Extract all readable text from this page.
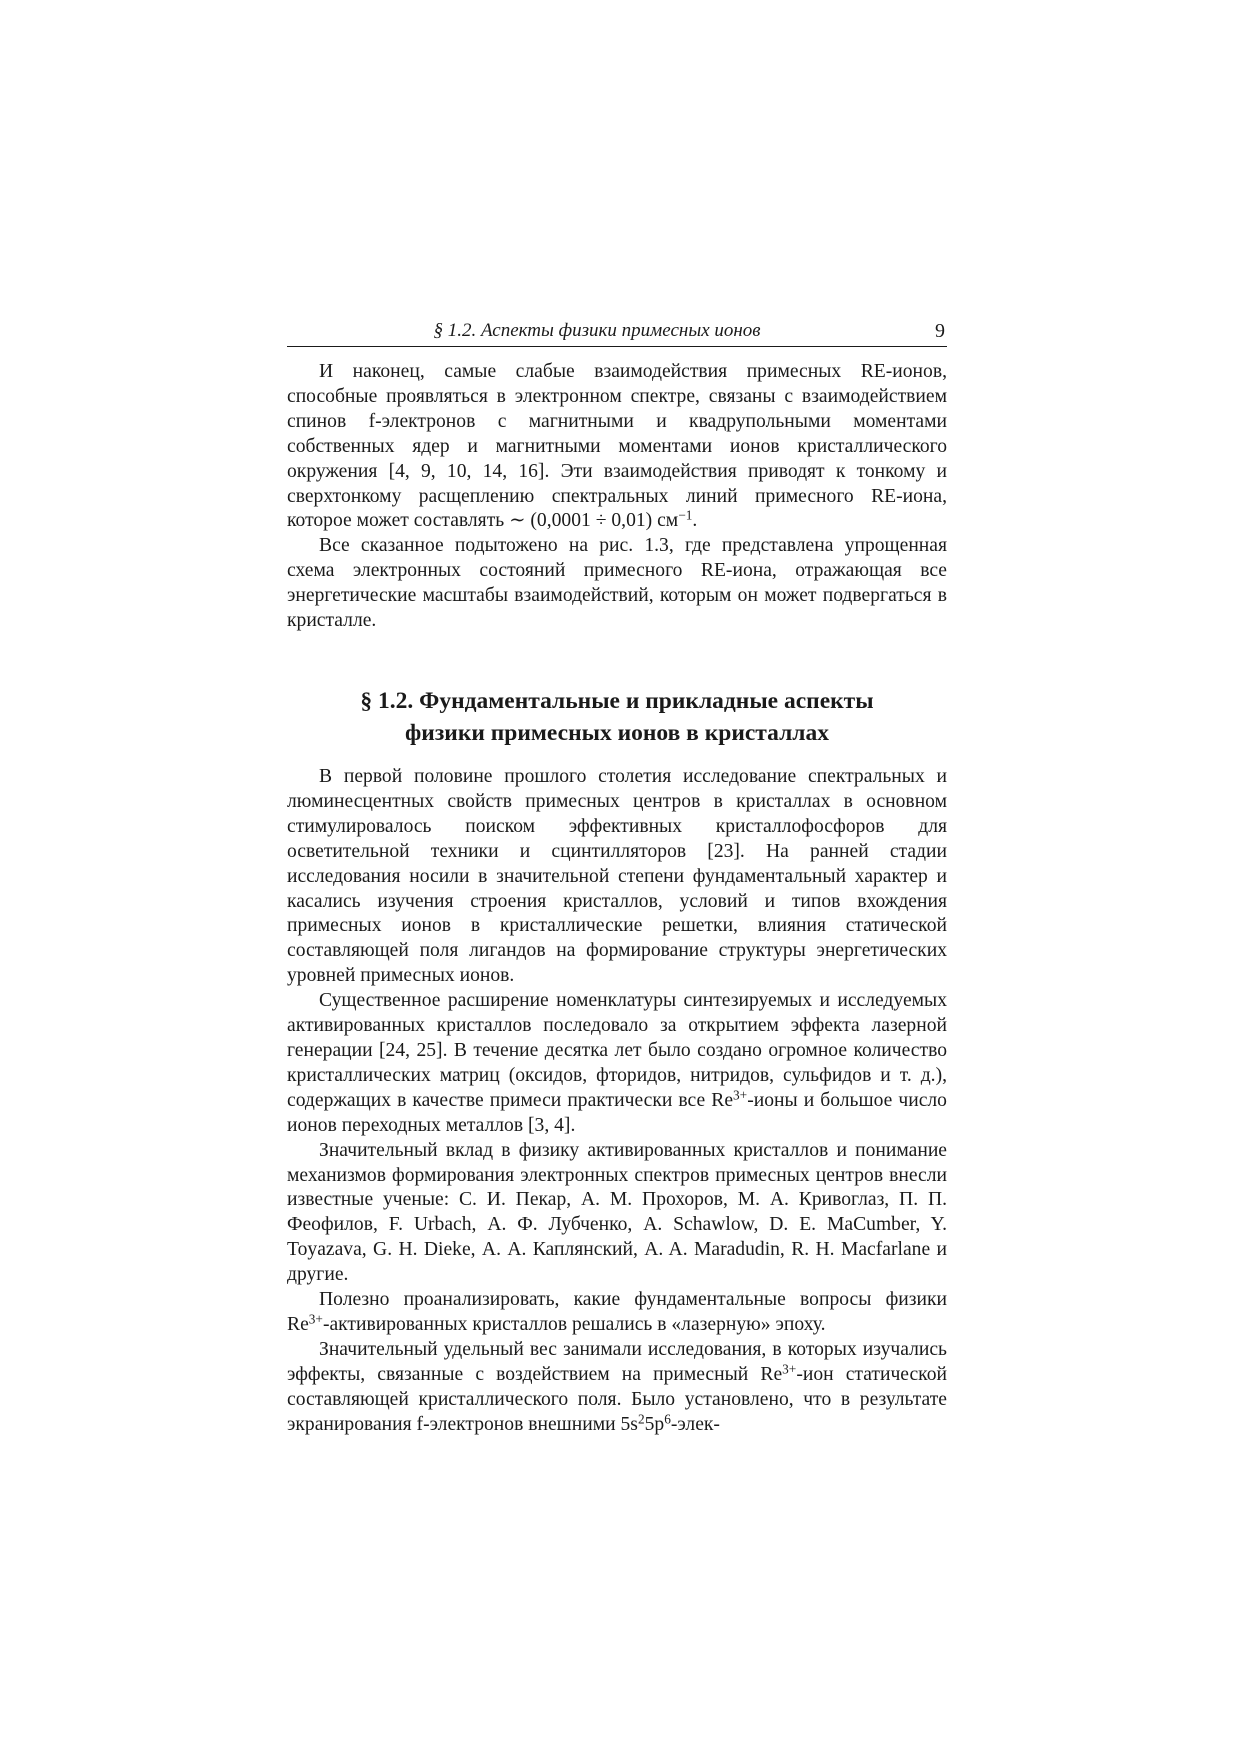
§ 1.2. Аспекты физики примесных ионов	9

И наконец, самые слабые взаимодействия примесных RE-ионов, способные проявляться в электронном спектре, связаны с взаимодействием спинов f-электронов с магнитными и квадрупольными моментами собственных ядер и магнитными моментами ионов кристаллического окружения [4, 9, 10, 14, 16]. Эти взаимодействия приводят к тонкому и сверхтонкому расщеплению спектральных линий примесного RE-иона, которое может составлять ∼ (0,0001 ÷ 0,01) $см^{-1}$.

Все сказанное подытожено на рис. 1.3, где представлена упрощенная схема электронных состояний примесного RE-иона, отражающая все энергетические масштабы взаимодействий, которым он может подвергаться в кристалле.

§ 1.2. Фундаментальные и прикладные аспекты
физики примесных ионов в кристаллах

В первой половине прошлого столетия исследование спектральных и люминесцентных свойств примесных центров в кристаллах в основном стимулировалось поиском эффективных кристаллофосфоров для осветительной техники и сцинтилляторов [23]. На ранней стадии исследования носили в значительной степени фундаментальный характер и касались изучения строения кристаллов, условий и типов вхождения примесных ионов в кристаллические решетки, влияния статической составляющей поля лигандов на формирование структуры энергетических уровней примесных ионов.

Существенное расширение номенклатуры синтезируемых и исследуемых активированных кристаллов последовало за открытием эффекта лазерной генерации [24, 25]. В течение десятка лет было создано огромное количество кристаллических матриц (оксидов, фторидов, нитридов, сульфидов и т. д.), содержащих в качестве примеси практически все $Re^{3+}$-ионы и большое число ионов переходных металлов [3, 4].

Значительный вклад в физику активированных кристаллов и понимание механизмов формирования электронных спектров примесных центров внесли известные ученые: С. И. Пекар, А. М. Прохоров, М. А. Кривоглаз, П. П. Феофилов, F. Urbach, А. Ф. Лубченко, A. Schawlow, D. E. MaCumber, Y. Toyazava, G. H. Dieke, А. А. Каплянский, A. A. Maradudin, R. H. Macfarlane и другие.

Полезно проанализировать, какие фундаментальные вопросы физики $Re^{3+}$-активированных кристаллов решались в «лазерную» эпоху.

Значительный удельный вес занимали исследования, в которых изучались эффекты, связанные с воздействием на примесный $Re^{3+}$-ион статической составляющей кристаллического поля. Было установлено, что в результате экранирования f-электронов внешними $5s^25p^6-элек-$
